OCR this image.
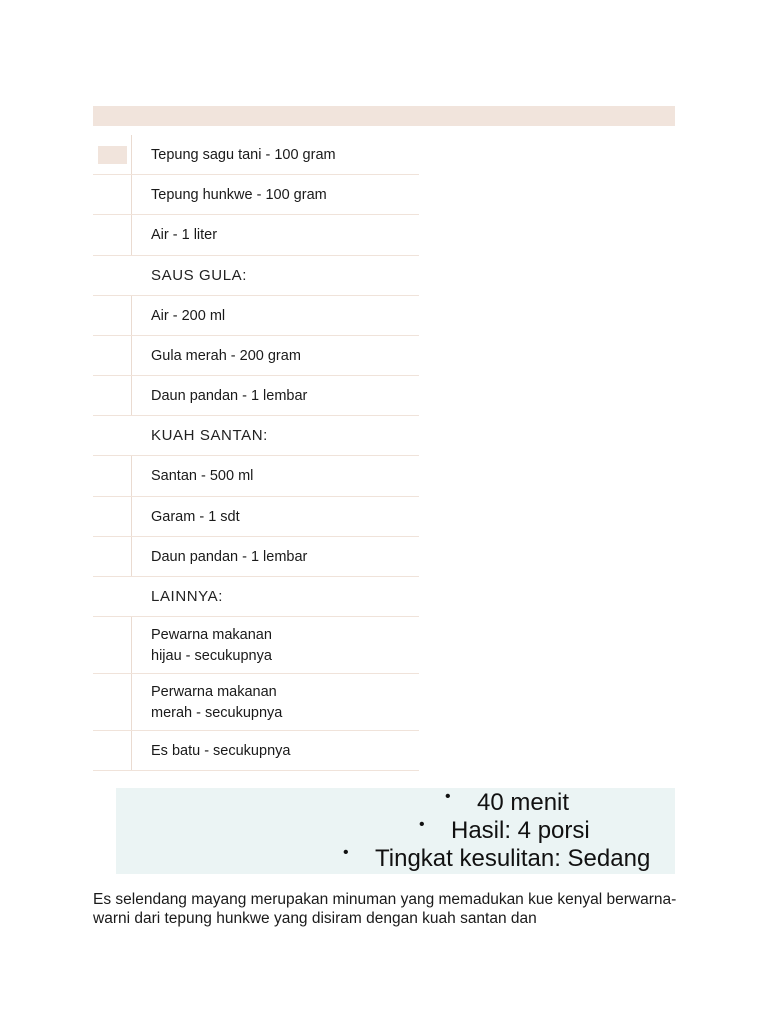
Tepung sagu tani - 100 gram
Tepung hunkwe - 100 gram
Air - 1 liter
SAUS GULA:
Air - 200 ml
Gula merah - 200 gram
Daun pandan - 1 lembar
KUAH SANTAN:
Santan - 500 ml
Garam - 1 sdt
Daun pandan - 1 lembar
LAINNYA:
Pewarna makanan
hijau - secukupnya
Perwarna makanan
merah - secukupnya
Es batu - secukupnya
• 40 menit
• Hasil: 4 porsi
• Tingkat kesulitan: Sedang

Es selendang mayang merupakan minuman yang memadukan kue kenyal berwarna-warni dari tepung hunkwe yang disiram dengan kuah santan dan
